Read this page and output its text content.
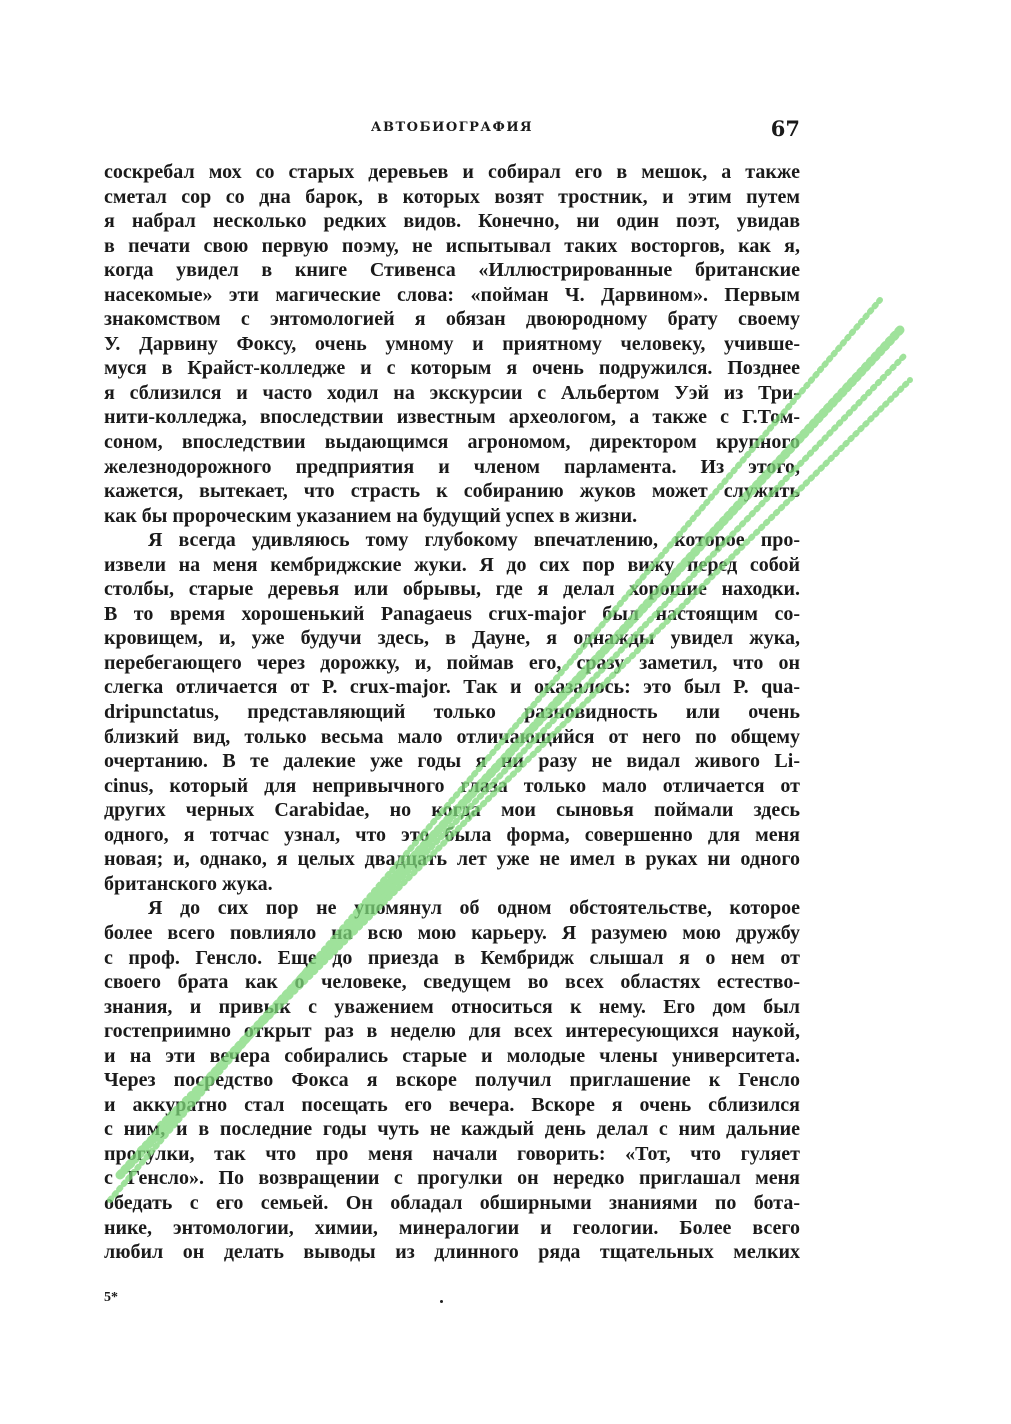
АВТОБИОГРАФИЯ	67
соскребал мох со старых деревьев и собирал его в мешок, а также
сметал сор со дна барок, в которых возят тростник, и этим путем
я набрал несколько редких видов. Конечно, ни один поэт, увидав
в печати свою первую поэму, не испытывал таких восторгов, как я,
когда увидел в книге Стивенса «Иллюстрированные британские
насекомые» эти магические слова: «пойман Ч. Дарвином». Первым
знакомством с энтомологией я обязан двоюродному брату своему
У. Дарвину Фоксу, очень умному и приятному человеку, учившe-
муся в Крайст-колледже и с которым я очень подружился. Позднее
я сблизился и часто ходил на экскурсии с Альбертом Уэй из Три-
нити-колледжа, впоследствии известным археологом, а также с Г.Том-
соном, впоследствии выдающимся агрономом, директором крупного
железнодорожного предприятия и членом парламента. Из этого,
кажется, вытекает, что страсть к собиранию жуков может служить
как бы пророческим указанием на будущий успех в жизни.
Я всегда удивляюсь тому глубокому впечатлению, которое про-
извели на меня кембриджские жуки. Я до сих пор вижу перед собой
столбы, старые деревья или обрывы, где я делал хорошие находки.
В то время хорошенький Panagaeus crux-major был настоящим со-
кровищем, и, уже будучи здесь, в Дауне, я однажды увидел жука,
перебегающего через дорожку, и, поймав его, сразу заметил, что он
слегка отличается от P. crux-major. Так и оказалось: это был P. qua-
dripunctatus, представляющий только разновидность или очень
близкий вид, только весьма мало отличающийся от него по общему
очертанию. В те далекие уже годы я ни разу не видал живого Li-
cinus, который для непривычного глаза только мало отличается от
других черных Carabidae, но когда мои сыновья поймали здесь
одного, я тотчас узнал, что это была форма, совершенно для меня
новая; и, однако, я целых двадцать лет уже не имел в руках ни одного
британского жука.
Я до сих пор не упомянул об одном обстоятельстве, которое
более всего повлияло на всю мою карьеру. Я разумею мою дружбу
с проф. Генсло. Еще до приезда в Кембридж слышал я о нем от
своего брата как о человеке, сведущем во всех областях естество-
знания, и привык с уважением относиться к нему. Его дом был
гостеприимно открыт раз в неделю для всех интересующихся наукой,
и на эти вечера собирались старые и молодые члены университета.
Через посредство Фокса я вскоре получил приглашение к Генсло
и аккуратно стал посещать его вечера. Вскоре я очень сблизился
с ним, и в последние годы чуть не каждый день делал с ним дальние
прогулки, так что про меня начали говорить: «Тот, что гуляет
с Генсло». По возвращении с прогулки он нередко приглашал меня
обедать с его семьей. Он обладал обширными знаниями по бота-
нике, энтомологии, химии, минералогии и геологии. Более всего
любил он делать выводы из длинного ряда тщательных мелких
5*
